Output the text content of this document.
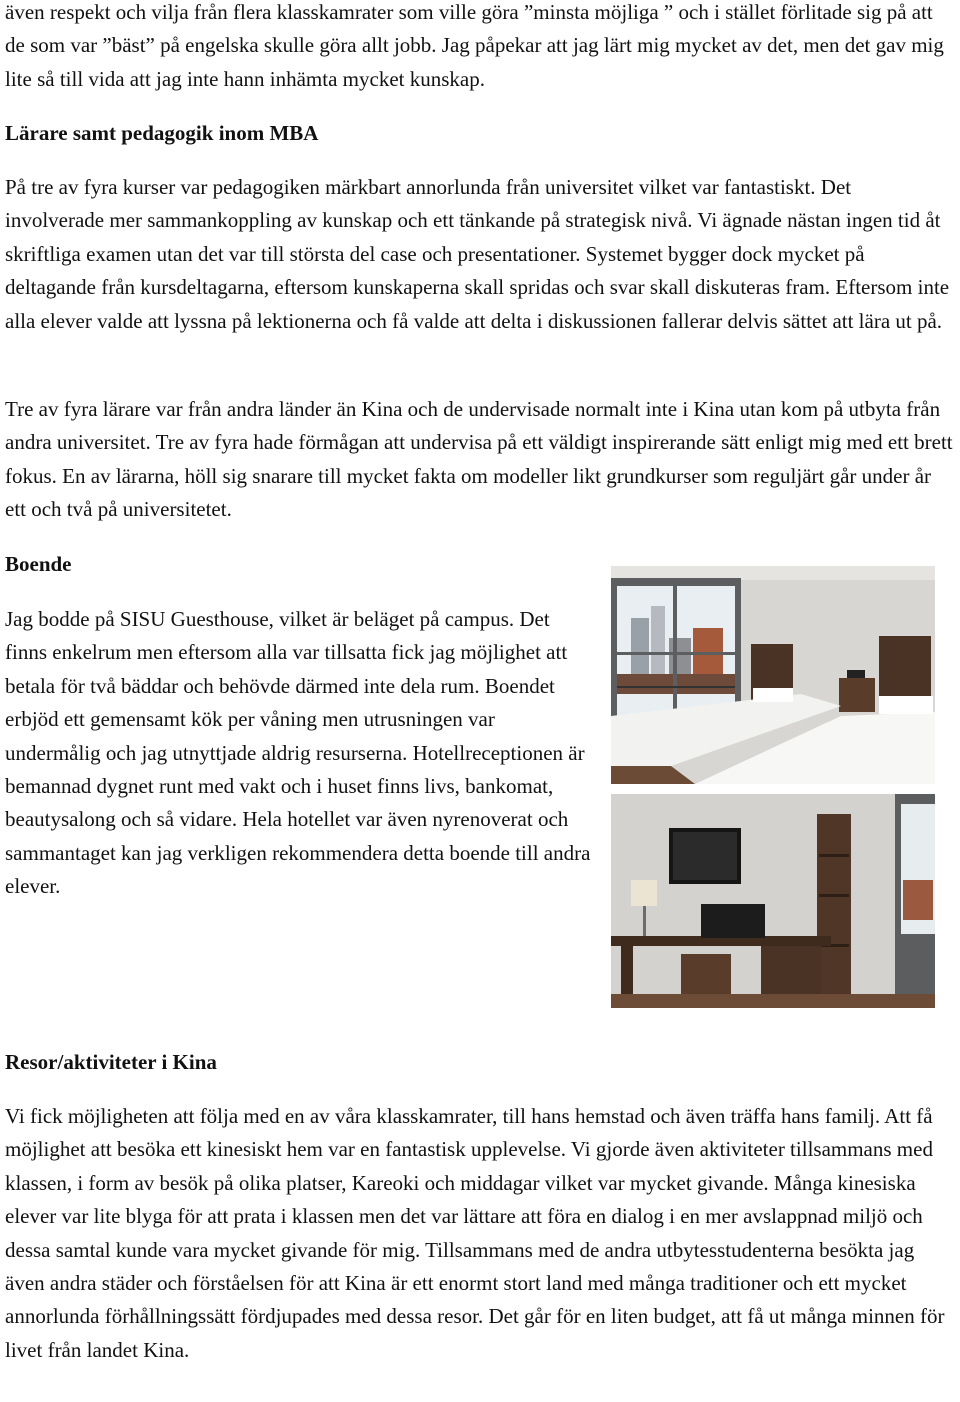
även respekt och vilja från flera klasskamrater som ville göra ”minsta möjliga ” och i stället förlitade sig på att de som var ”bäst” på engelska skulle göra allt jobb. Jag påpekar att jag lärt mig mycket av det, men det gav mig lite så till vida att jag inte hann inhämta mycket kunskap.

Lärare samt pedagogik inom MBA

På tre av fyra kurser var pedagogiken märkbart annorlunda från universitet vilket var fantastiskt. Det involverade mer sammankoppling av kunskap och ett tänkande på strategisk nivå. Vi ägnade nästan ingen tid åt skriftliga examen utan det var till största del case och presentationer. Systemet bygger dock mycket på deltagande från kursdeltagarna, eftersom kunskaperna skall spridas och svar skall diskuteras fram. Eftersom inte alla elever valde att lyssna på lektionerna och få valde att delta i diskussionen fallerar delvis sättet att lära ut på.

Tre av fyra lärare var från andra länder än Kina och de undervisade normalt inte i Kina utan kom på utbyta från andra universitet. Tre av fyra hade förmågan att undervisa på ett väldigt inspirerande sätt enligt mig med ett brett fokus. En av lärarna, höll sig snarare till mycket fakta om modeller likt grundkurser som reguljärt går under år ett och två på universitetet.

Boende

Jag bodde på SISU Guesthouse, vilket är beläget på campus. Det finns enkelrum men eftersom alla var tillsatta fick jag möjlighet att betala för två bäddar och behövde därmed inte dela rum. Boendet erbjöd ett gemensamt kök per våning men utrusningen var undermålig och jag utnyttjade aldrig resurserna. Hotellreceptionen är bemannad dygnet runt med vakt och i huset finns livs, bankomat, beautysalong och så vidare. Hela hotellet var även nyrenoverat och sammantaget kan jag verkligen rekommendera detta boende till andra elever.

Resor/aktiviteter i Kina

Vi fick möjligheten att följa med en av våra klasskamrater, till hans hemstad och även träffa hans familj. Att få möjlighet att besöka ett kinesiskt hem var en fantastisk upplevelse. Vi gjorde även aktiviteter tillsammans med klassen, i form av besök på olika platser, Kareoki och middagar vilket var mycket givande. Många kinesiska elever var lite blyga för att prata i klassen men det var lättare att föra en dialog i en mer avslappnad miljö och dessa samtal kunde vara mycket givande för mig. Tillsammans med de andra utbytesstudenterna besökta jag även andra städer och förståelsen för att Kina är ett enormt stort land med många traditioner och ett mycket annorlunda förhållningssätt fördjupades med dessa resor. Det går för en liten budget, att få ut många minnen för livet från landet Kina.
